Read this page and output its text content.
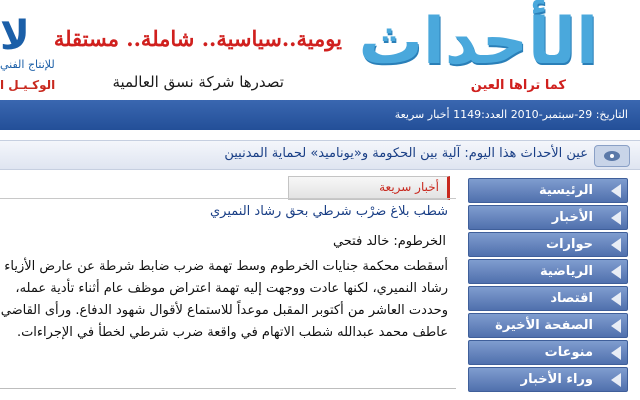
لا
للإنتاج الفني
الوكـيـل ا
يومية..سياسية.. شاملة.. مستقلة
تصدرها شركة نسق العالمية
الأحداث
كما تراها العين
التاريخ: 29-سبتمبر-2010 العدد:1149 أخبار سريعة
عين الأحداث هذا اليوم: آلية بين الحكومة و«يوناميد» لحماية المدنيين
أخبار سريعة
شطب بلاغ ضرْب شرطي بحق رشاد النميري
الخرطوم: خالد فتحي
أسقطت محكمة جنايات الخرطوم وسط تهمة ضرب ضابط شرطة عن عارض الأزياء رشاد النميري، لكنها عادت ووجهت إليه تهمة اعتراض موظف عام أثناء تأدية عمله، وحددت العاشر من أكتوبر المقبل موعداً للاستماع لأقوال شهود الدفاع. ورأى القاضي عاطف محمد عبدالله شطب الاتهام في واقعة ضرب شرطي لخطأ في الإجراءات.
الرئيسية
الأخبار
حوارات
الرياضية
اقتصاد
الصفحة الأخيرة
منوعات
وراء الأخبار
